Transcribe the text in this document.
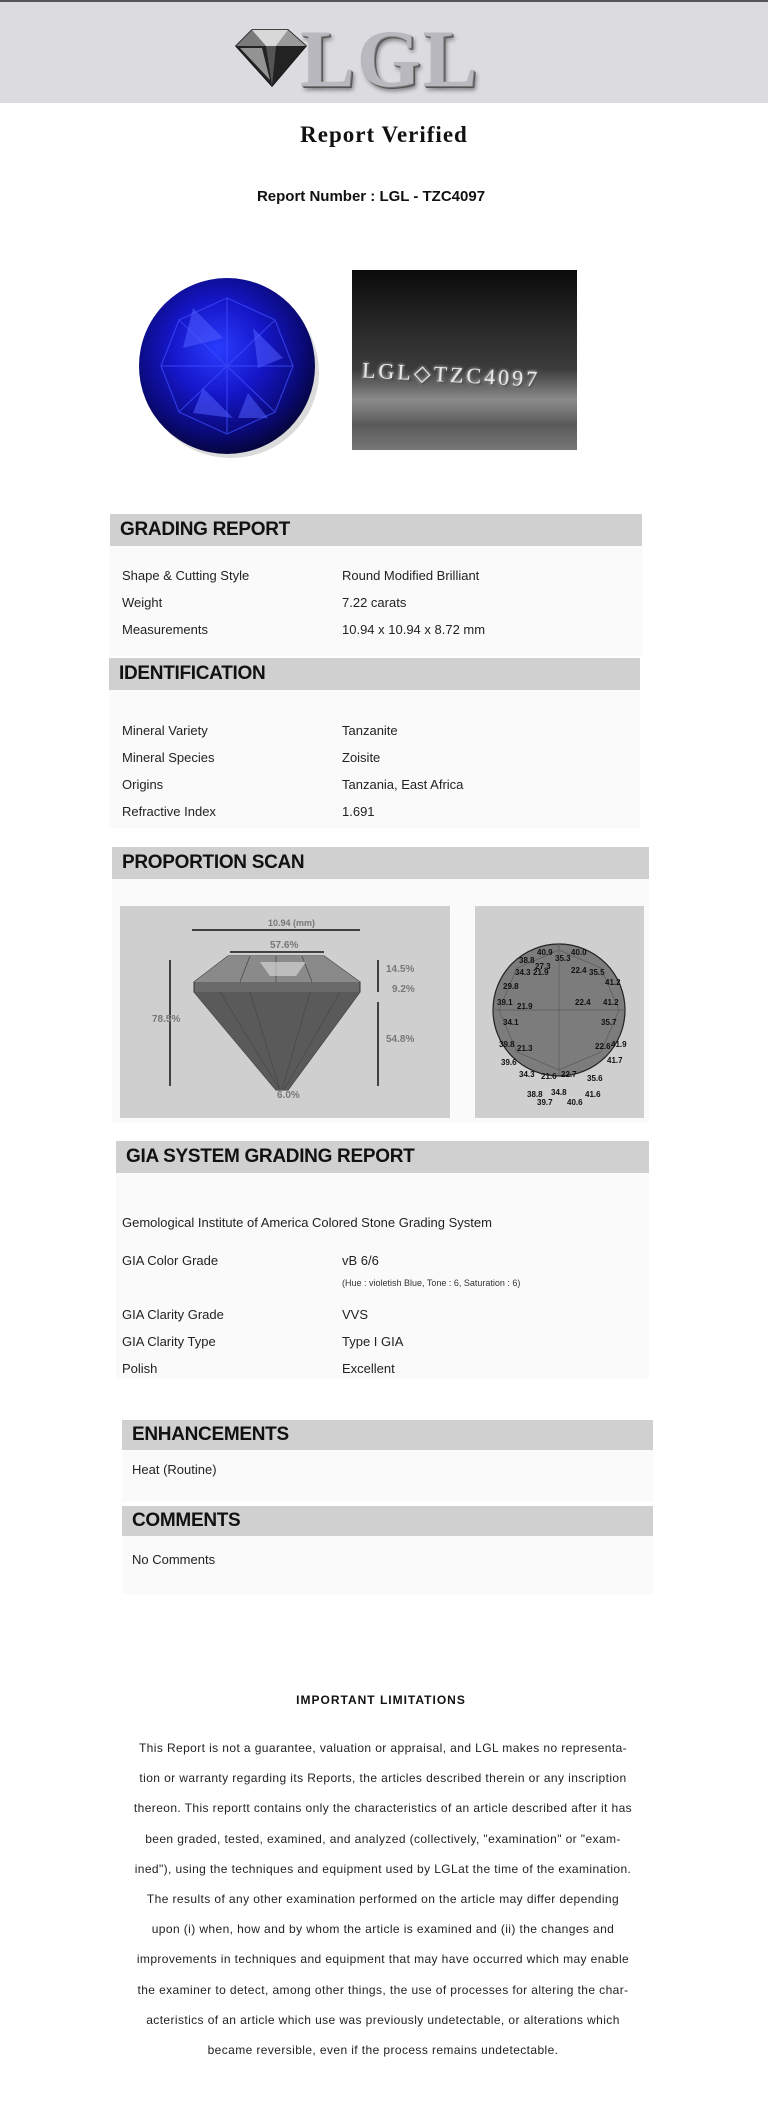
LGL
Report Verified
Report Number : LGL - TZC4097
LGL◇TZC4097
GRADING REPORT
Shape & Cutting Style	Round Modified Brilliant
Weight	7.22 carats
Measurements	10.94 x 10.94 x 8.72 mm
IDENTIFICATION
Mineral Variety	Tanzanite
Mineral Species	Zoisite
Origins	Tanzania, East Africa
Refractive Index	1.691
PROPORTION SCAN
10.94 (mm)
57.6%
78.5%
14.5%
9.2%
54.8%
6.0%
40.9
35.3
40.0
38.8
27.3
34.3 21.9	22.4 35.5
29.8	41.2
39.1 21.9	22.4 41.2
34.1	35.7
39.8 21.3	22.6 41.9
39.6	41.7
34.3 21.6 22.7 35.6
38.8 34.8 41.6
39.7 40.6
GIA SYSTEM GRADING REPORT
Gemological Institute of America Colored Stone Grading System
GIA Color Grade	vB 6/6
(Hue : violetish Blue, Tone : 6, Saturation : 6)
GIA Clarity Grade	VVS
GIA Clarity Type	Type I GIA
Polish	Excellent
ENHANCEMENTS
Heat (Routine)
COMMENTS
No Comments
IMPORTANT LIMITATIONS
This Report is not a guarantee, valuation or appraisal, and LGL makes no representa-
tion or warranty regarding its Reports, the articles described therein or any inscription
thereon. This reportt contains only the characteristics of an article described after it has
been graded, tested, examined, and analyzed (collectively, "examination" or "exam-
ined"), using the techniques and equipment used by LGLat the time of the examination.
The results of any other examination performed on the article may differ depending
upon (i) when, how and by whom the article is examined and (ii) the changes and
improvements in techniques and equipment that may have occurred which may enable
the examiner to detect, among other things, the use of processes for altering the char-
acteristics of an article which use was previously undetectable, or alterations which
became reversible, even if the process remains undetectable.
